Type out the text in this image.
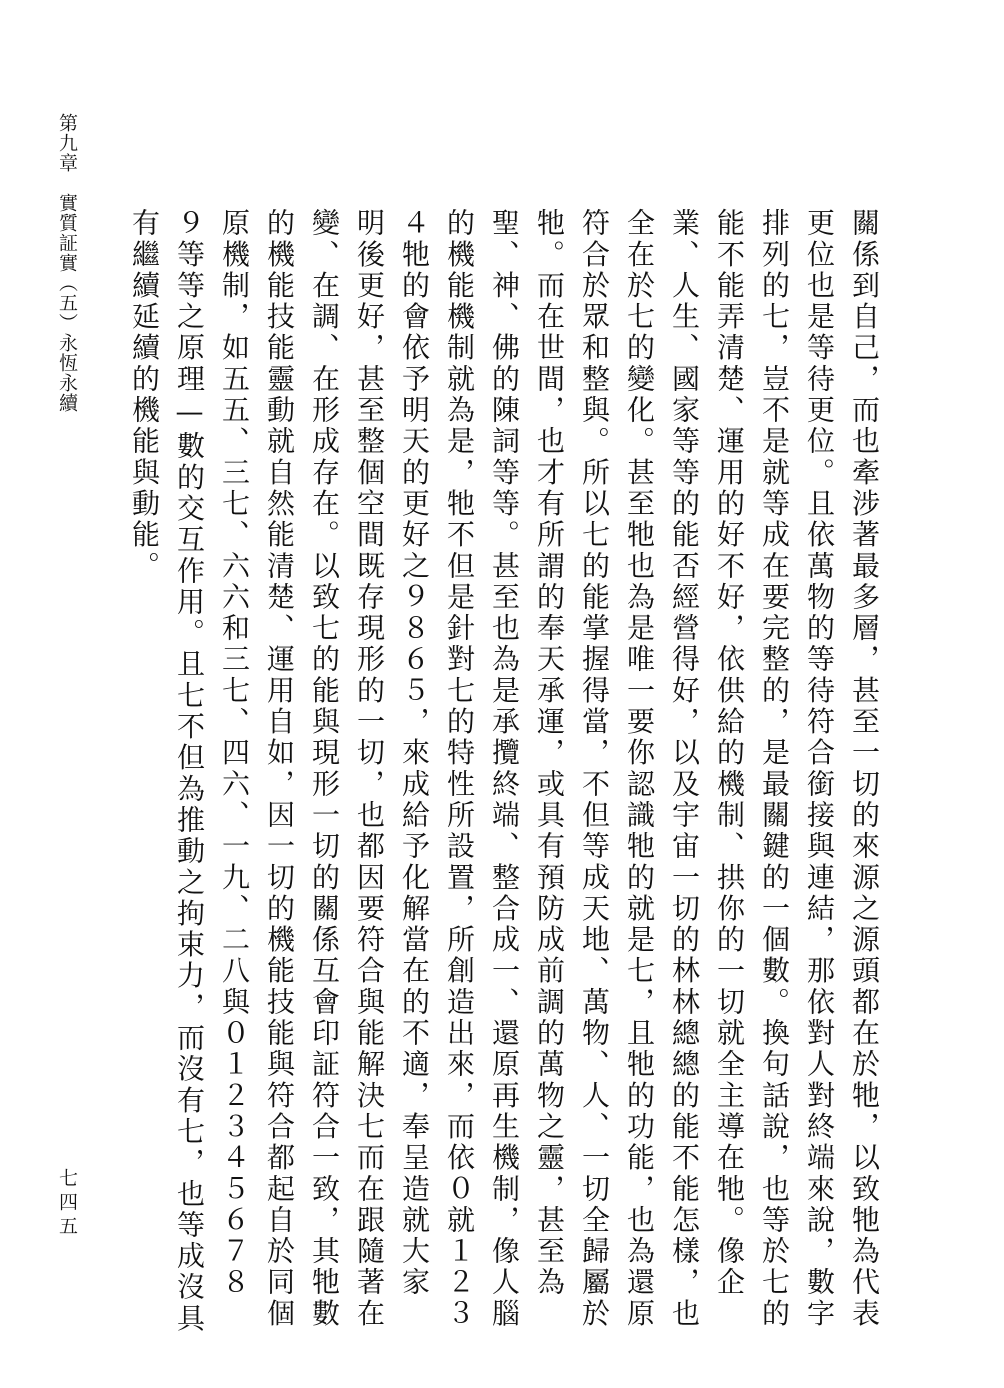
第九章　實質証實（五）永恆永續
七四五	關係到自己，而也牽涉著最多層，甚至一切的來源之源頭都在於牠，以致牠為代表
更位也是等待更位。且依萬物的等待符合銜接與連結，那依對人對終端來說，數字
排列的七，豈不是就等成在要完整的，是最關鍵的一個數。換句話說，也等於七的
能不能弄清楚、運用的好不好，依供給的機制、拱你的一切就全主導在牠。像企
業、人生、國家等等的能否經營得好，以及宇宙一切的林林總總的能不能怎樣，也
全在於七的變化。甚至牠也為是唯一要你認識牠的就是七，且牠的功能，也為還原
符合於眾和整與。所以七的能掌握得當，不但等成天地、萬物、人、一切全歸屬於
牠。而在世間，也才有所謂的奉天承運，或具有預防成前調的萬物之靈，甚至為
聖、神、佛的陳詞等等。甚至也為是承攬終端、整合成一、還原再生機制，像人腦
的機能機制就為是，牠不但是針對七的特性所設置，所創造出來，而依０就１２３
４牠的會依予明天的更好之９８６５，來成給予化解當在的不適，奉呈造就大家
明後更好，甚至整個空間既存現形的一切，也都因要符合與能解決七而在跟隨著在
變、在調、在形成存在。以致七的能與現形一切的關係互會印証符合一致，其牠數
的機能技能靈動就自然能清楚、運用自如，因一切的機能技能與符合都起自於同個
原機制，如五五、三七、六六和三七、四六、一九、二八與０１２３４５６７８
９等等之原理—數的交互作用。且七不但為推動之拘束力，而沒有七，也等成沒具
有繼續延續的機能與動能。
